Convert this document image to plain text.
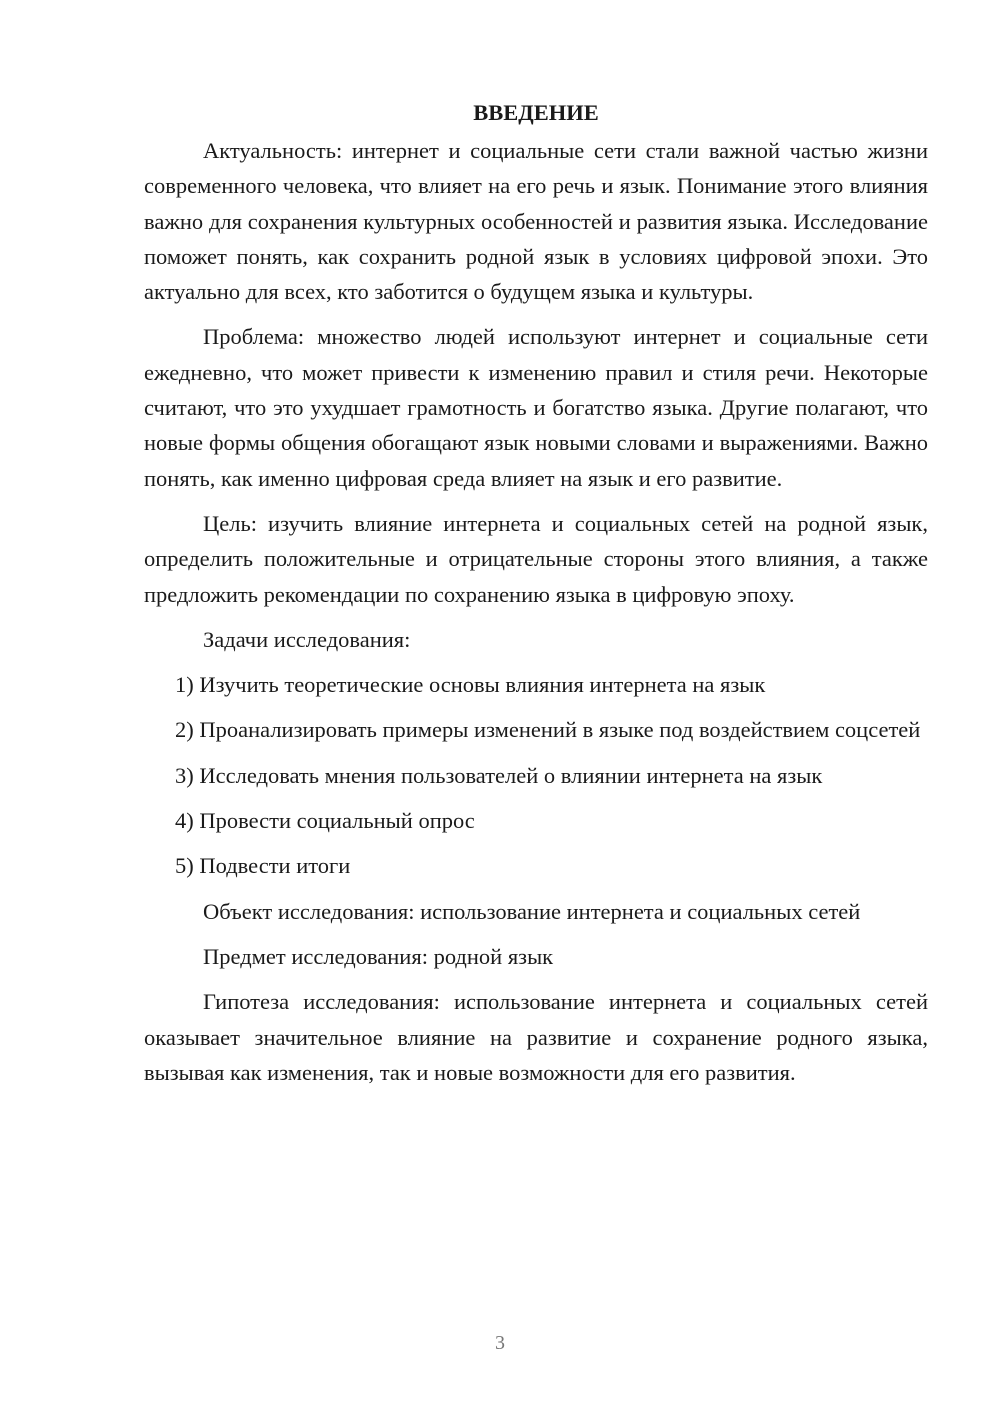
ВВЕДЕНИЕ

Актуальность: интернет и социальные сети стали важной частью жизни современного человека, что влияет на его речь и язык. Понимание этого влияния важно для сохранения культурных особенностей и развития языка. Исследование поможет понять, как сохранить родной язык в условиях цифровой эпохи. Это актуально для всех, кто заботится о будущем языка и культуры.

Проблема: множество людей используют интернет и социальные сети ежедневно, что может привести к изменению правил и стиля речи. Некоторые считают, что это ухудшает грамотность и богатство языка. Другие полагают, что новые формы общения обогащают язык новыми словами и выражениями. Важно понять, как именно цифровая среда влияет на язык и его развитие.

Цель: изучить влияние интернета и социальных сетей на родной язык, определить положительные и отрицательные стороны этого влияния, а также предложить рекомендации по сохранению языка в цифровую эпоху.

Задачи исследования:

1) Изучить теоретические основы влияния интернета на язык

2) Проанализировать примеры изменений в языке под воздействием соцсетей

3) Исследовать мнения пользователей о влиянии интернета на язык

4) Провести социальный опрос

5) Подвести итоги

Объект исследования: использование интернета и социальных сетей

Предмет исследования: родной язык

Гипотеза исследования: использование интернета и социальных сетей оказывает значительное влияние на развитие и сохранение родного языка, вызывая как изменения, так и новые возможности для его развития.

3
